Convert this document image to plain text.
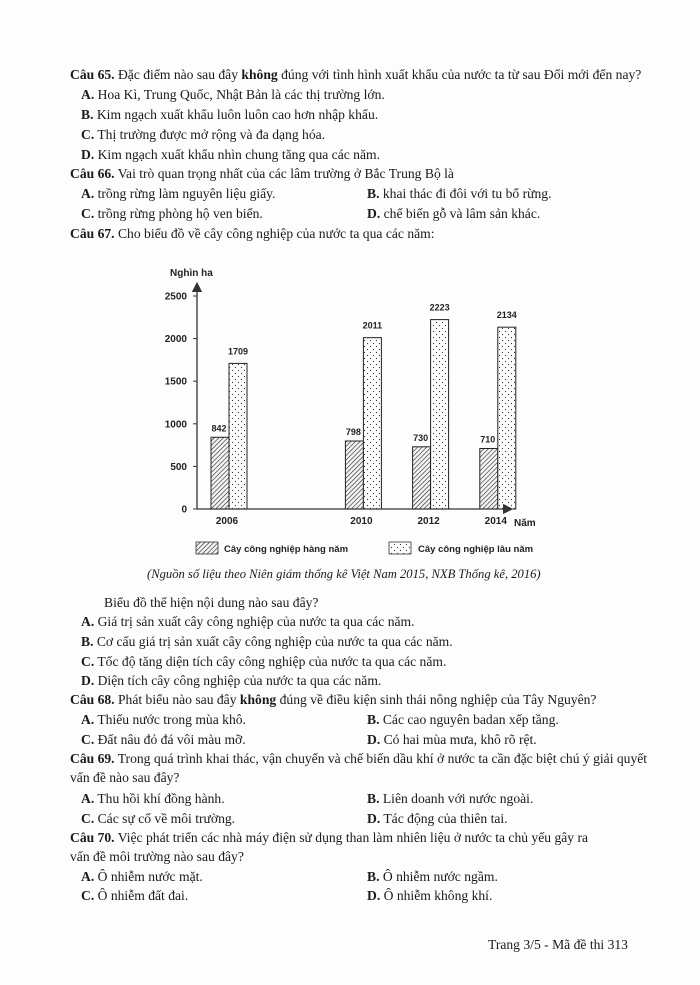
Câu 65. Đặc điểm nào sau đây không đúng với tình hình xuất khẩu của nước ta từ sau Đổi mới đến nay?
A. Hoa Kì, Trung Quốc, Nhật Bản là các thị trường lớn.
B. Kim ngạch xuất khẩu luôn luôn cao hơn nhập khẩu.
C. Thị trường được mở rộng và đa dạng hóa.
D. Kim ngạch xuất khẩu nhìn chung tăng qua các năm.
Câu 66. Vai trò quan trọng nhất của các lâm trường ở Bắc Trung Bộ là
A. trồng rừng làm nguyên liệu giấy.	B. khai thác đi đôi với tu bổ rừng.
C. trồng rừng phòng hộ ven biển.	D. chế biến gỗ và lâm sản khác.
Câu 67. Cho biểu đồ về cây công nghiệp của nước ta qua các năm:
Nghìn ha
Năm
0
500
1000
1500
2000
2500
2006	2010	2012	2014
842
1709
798
2011
730
2223
710
2134
Cây công nghiệp hàng năm	Cây công nghiệp lâu năm
(Nguồn số liệu theo Niên giám thống kê Việt Nam 2015, NXB Thống kê, 2016)
Biểu đồ thể hiện nội dung nào sau đây?
A. Giá trị sản xuất cây công nghiệp của nước ta qua các năm.
B. Cơ cấu giá trị sản xuất cây công nghiệp của nước ta qua các năm.
C. Tốc độ tăng diện tích cây công nghiệp của nước ta qua các năm.
D. Diện tích cây công nghiệp của nước ta qua các năm.
Câu 68. Phát biểu nào sau đây không đúng về điều kiện sinh thái nông nghiệp của Tây Nguyên?
A. Thiếu nước trong mùa khô.	B. Các cao nguyên badan xếp tầng.
C. Đất nâu đỏ đá vôi màu mỡ.	D. Có hai mùa mưa, khô rõ rệt.
Câu 69. Trong quá trình khai thác, vận chuyển và chế biến dầu khí ở nước ta cần đặc biệt chú ý giải quyết
vấn đề nào sau đây?
A. Thu hồi khí đồng hành.	B. Liên doanh với nước ngoài.
C. Các sự cố về môi trường.	D. Tác động của thiên tai.
Câu 70. Việc phát triển các nhà máy điện sử dụng than làm nhiên liệu ở nước ta chủ yếu gây ra
vấn đề môi trường nào sau đây?
A. Ô nhiễm nước mặt.	B. Ô nhiễm nước ngầm.
C. Ô nhiễm đất đai.	D. Ô nhiễm không khí.
Trang 3/5 - Mã đề thi 313
